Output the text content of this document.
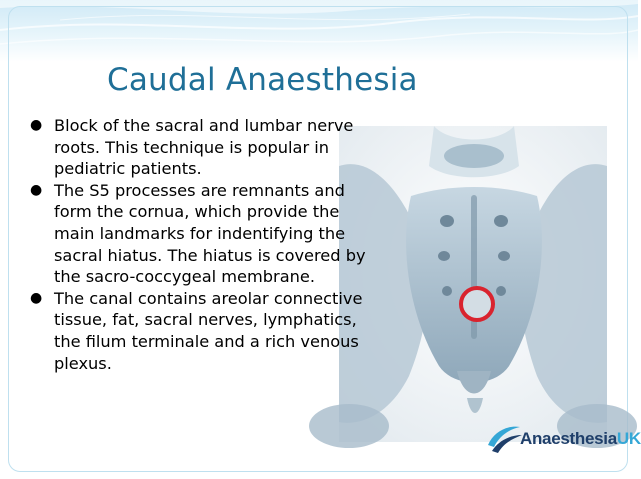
Caudal Anaesthesia
● Block of the sacral and lumbar nerve roots. This technique is popular in pediatric patients.
● The S5 processes are remnants and form the cornua, which provide the main landmarks for indentifying the sacral hiatus. The hiatus is covered by the sacro-coccygeal membrane.
● The canal contains areolar connective tissue, fat, sacral nerves, lymphatics, the filum terminale and a rich venous plexus.
AnaesthesiaUK
